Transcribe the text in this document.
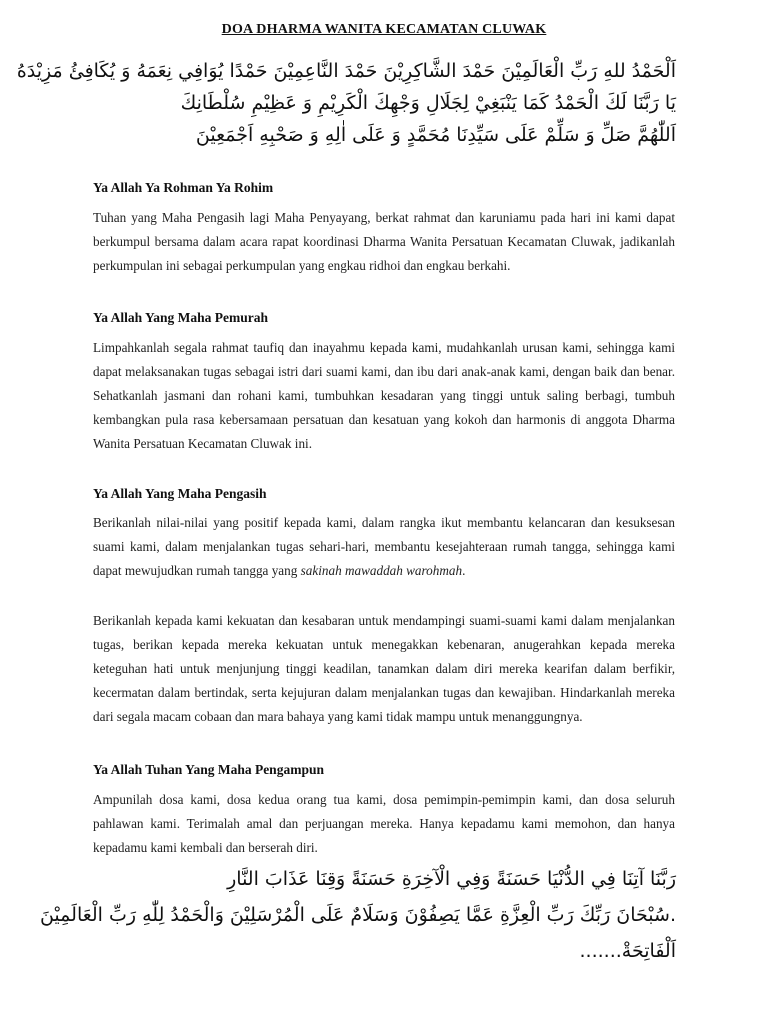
DOA DHARMA WANITA KECAMATAN CLUWAK
اَلْحَمْدُ للهِ رَبِّ الْعَالَمِيْنَ حَمْدَ الشَّاكِرِيْنَ حَمْدَ النَّاعِمِيْنَ حَمْدًا يُوَافِي نِعَمَهُ وَ يُكَافِئُ مَزِيْدَهُ
يَا رَبَّنَا لَكَ الْحَمْدُ كَمَا يَنْبَغِيْ لِجَلَالِ وَجْهِكَ الْكَرِيْمِ وَ عَظِيْمِ سُلْطَانِكَ
اَللّٰهُمَّ صَلِّ وَ سَلِّمْ عَلَى سَيِّدِنَا مُحَمَّدٍ وَ عَلَى اٰلِهِ وَ صَحْبِهِ اَجْمَعِيْنَ
Ya Allah Ya Rohman Ya Rohim
Tuhan yang Maha Pengasih lagi Maha Penyayang, berkat rahmat dan karuniamu pada hari ini kami dapat berkumpul bersama dalam acara rapat koordinasi Dharma Wanita Persatuan Kecamatan Cluwak, jadikanlah perkumpulan ini sebagai perkumpulan yang engkau ridhoi dan engkau berkahi.
Ya Allah Yang Maha Pemurah
Limpahkanlah segala rahmat taufiq dan inayahmu kepada kami, mudahkanlah urusan kami, sehingga kami dapat melaksanakan tugas sebagai istri dari suami kami, dan ibu dari anak-anak kami, dengan baik dan benar. Sehatkanlah jasmani dan rohani kami, tumbuhkan kesadaran yang tinggi untuk saling berbagi, tumbuh kembangkan pula rasa kebersamaan persatuan dan kesatuan yang kokoh dan harmonis di anggota Dharma Wanita Persatuan Kecamatan Cluwak ini.
Ya Allah Yang Maha Pengasih
Berikanlah nilai-nilai yang positif kepada kami, dalam rangka ikut membantu kelancaran dan kesuksesan suami kami, dalam menjalankan tugas sehari-hari, membantu kesejahteraan rumah tangga, sehingga kami dapat mewujudkan rumah tangga yang sakinah mawaddah warohmah.
Berikanlah kepada kami kekuatan dan kesabaran untuk mendampingi suami-suami kami dalam menjalankan tugas, berikan kepada mereka kekuatan untuk menegakkan kebenaran, anugerahkan kepada mereka keteguhan hati untuk menjunjung tinggi keadilan, tanamkan dalam diri mereka kearifan dalam berfikir, kecermatan dalam bertindak, serta kejujuran dalam menjalankan tugas dan kewajiban. Hindarkanlah mereka dari segala macam cobaan dan mara bahaya yang kami tidak mampu untuk menanggungnya.
Ya Allah Tuhan Yang Maha Pengampun
Ampunilah dosa kami, dosa kedua orang tua kami, dosa pemimpin-pemimpin kami, dan dosa seluruh pahlawan kami. Terimalah amal dan perjuangan mereka. Hanya kepadamu kami memohon, dan hanya kepadamu kami kembali dan berserah diri.
رَبَّنَا آتِنَا فِي الدُّنْيَا حَسَنَةً وَفِي الْآخِرَةِ حَسَنَةً وَقِنَا عَذَابَ النَّارِ
.سُبْحَانَ رَبِّكَ رَبِّ الْعِزَّةِ عَمَّا يَصِفُوْنَ وَسَلَامٌ عَلَى الْمُرْسَلِيْنَ وَالْحَمْدُ لِلّٰهِ رَبِّ الْعَالَمِيْنَ
اَلْفَاتِحَةْ.......
